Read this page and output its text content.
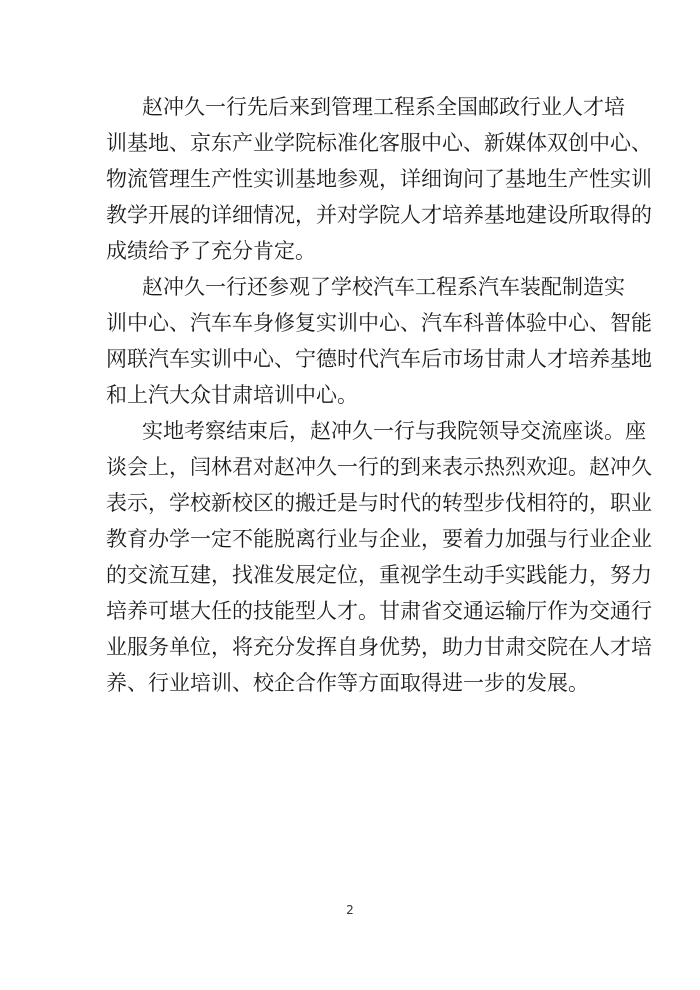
赵冲久一行先后来到管理工程系全国邮政行业人才培
训基地、京东产业学院标准化客服中心、新媒体双创中心、
物流管理生产性实训基地参观，详细询问了基地生产性实训
教学开展的详细情况，并对学院人才培养基地建设所取得的
成绩给予了充分肯定。
赵冲久一行还参观了学校汽车工程系汽车装配制造实
训中心、汽车车身修复实训中心、汽车科普体验中心、智能
网联汽车实训中心、宁德时代汽车后市场甘肃人才培养基地
和上汽大众甘肃培训中心。
实地考察结束后，赵冲久一行与我院领导交流座谈。座
谈会上，闫林君对赵冲久一行的到来表示热烈欢迎。赵冲久
表示，学校新校区的搬迁是与时代的转型步伐相符的，职业
教育办学一定不能脱离行业与企业，要着力加强与行业企业
的交流互建，找准发展定位，重视学生动手实践能力，努力
培养可堪大任的技能型人才。甘肃省交通运输厅作为交通行
业服务单位，将充分发挥自身优势，助力甘肃交院在人才培
养、行业培训、校企合作等方面取得进一步的发展。
2
